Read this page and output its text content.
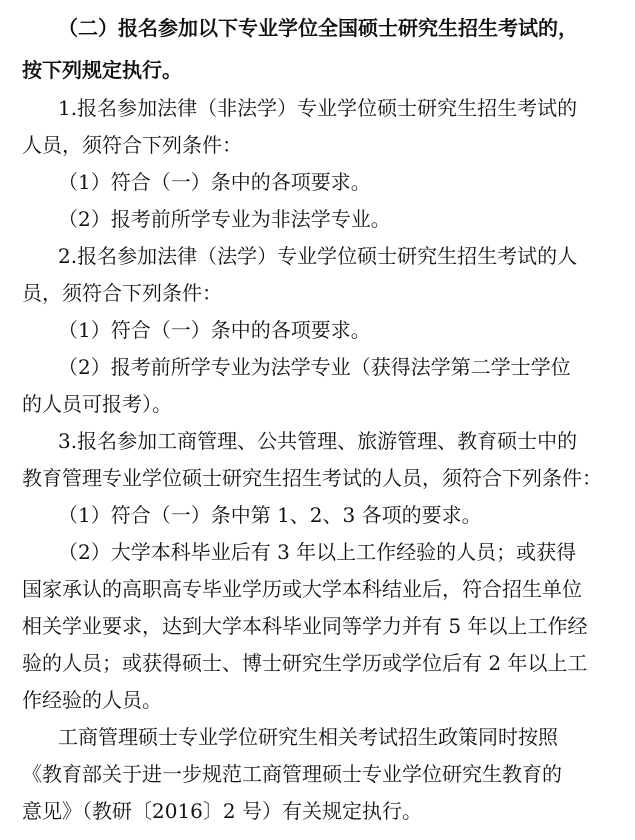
（二）报名参加以下专业学位全国硕士研究生招生考试的，
按下列规定执行。
1.报名参加法律（非法学）专业学位硕士研究生招生考试的
人员，须符合下列条件：
（1）符合（一）条中的各项要求。
（2）报考前所学专业为非法学专业。
2.报名参加法律（法学）专业学位硕士研究生招生考试的人
员，须符合下列条件：
（1）符合（一）条中的各项要求。
（2）报考前所学专业为法学专业（获得法学第二学士学位
的人员可报考）。
3.报名参加工商管理、公共管理、旅游管理、教育硕士中的
教育管理专业学位硕士研究生招生考试的人员，须符合下列条件：
（1）符合（一）条中第 1、2、3 各项的要求。
（2）大学本科毕业后有 3 年以上工作经验的人员；或获得
国家承认的高职高专毕业学历或大学本科结业后，符合招生单位
相关学业要求，达到大学本科毕业同等学力并有 5 年以上工作经
验的人员；或获得硕士、博士研究生学历或学位后有 2 年以上工
作经验的人员。
工商管理硕士专业学位研究生相关考试招生政策同时按照
《教育部关于进一步规范工商管理硕士专业学位研究生教育的
意见》（教研〔2016〕2 号）有关规定执行。
